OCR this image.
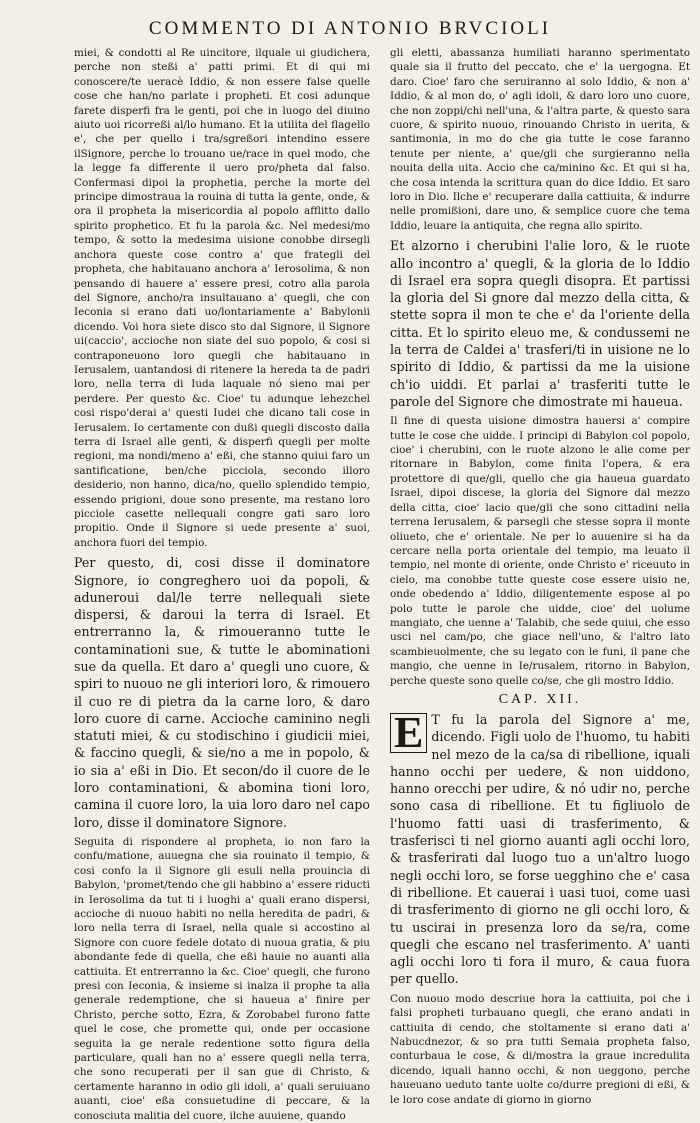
COMMENTO DI ANTONIO BRVCIOLI

miei, & condotti al Re uincitore, ilquale ui giudichera, perche non steßi a' patti primi. Et di qui mi conoscere/te ueracè Iddio, & non essere false quelle cose che han/no parlate i propheti. Et cosi adunque farete disperfi fra le genti, poi che in luogo del diuino aiuto uoi ricorreßi al/lo humano. Et la utilita del flagello e', che per quello i tra/sgreßori intendino essere ilSignore, perche lo trouano ue/race in quel modo, che la legge fa differente il uero pro/pheta dal falso. Confermasi dipoi la prophetia, perche la morte del principe dimostraua la rouina di tutta la gente, onde, & ora il propheta la misericordia al popolo afflitto dallo spirito prophetico. Et fu la parola &c. Nel medesi/mo tempo, & sotto la medesima uisione conobbe dirsegli anchora queste cose contro a' que frategli del propheta, che habitauano anchora a' Ierosolima, & non pensando di hauere a' essere presi, cotro alla parola del Signore, ancho/ra insultauano a' quegli, che con Ieconia si erano dati uo/lontariamente a' Babylonii dicendo. Voi hora siete disco sto dal Signore, il Signore ui(caccio', accioche non siate del suo popolo, & cosi si contraponeuono loro quegli che habitauano in Ierusalem, uantandosi di ritenere la hereda ta de padri loro, nella terra di Iuda laquale nó sieno mai per perdere. Per questo &c. Cioe' tu adunque lehezchel cosi rispo'derai a' questi Iudei che dicano tali cose in Ierusalem. Io certamente con dußi quegli discosto dalla terra di Israel alle genti, & disperfi quegli per molte regioni, ma nondi/meno a' eßi, che stanno quiui faro un santificatione, ben/che picciola, secondo illoro desiderio, non hanno, dica/no, quello splendido tempio, essendo prigioni, doue sono presente, ma restano loro picciole casette nellequali congre gati saro loro propitio. Onde il Signore si uede presente a' suoi, anchora fuori del tempio.

Per questo, di, cosi disse il dominatore Signore, io congreghero uoi da popoli, & aduneroui dal/le terre nellequali siete dispersi, & daroui la terra di Israel. Et entrerranno la, & rimoueranno tutte le contaminationi sue, & tutte le abominationi sue da quella. Et daro a' quegli uno cuore, & spiri to nuouo ne gli interiori loro, & rimouero il cuo re di pietra da la carne loro, & daro loro cuore di carne. Accioche caminino negli statuti miei, & cu stodischino i giudicii miei, & faccino quegli, & sie/no a me in popolo, & io sia a' eßi in Dio. Et secon/do il cuore de le loro contaminationi, & abomina tioni loro, camina il cuore loro, la uia loro daro nel capo loro, disse il dominatore Signore.

Seguita di rispondere al propheta, io non faro la confu/matione, auuegna che sia rouinato il tempio, & cosi confo la il Signore gli esuli nella prouincia di Babylon, 'promet/tendo che gli habbino a' essere riducti in Ierosolima da tut ti i luoghi a' quali erano dispersi, accioche di nuouo habiti no nella heredita de padri, & loro nella terra di Israel, nella quale si accostino al Signore con cuore fedele dotato di nuoua gratia, & piu abondante fede di quella, che eßi hauie no auanti alla cattiuita. Et entrerranno la &c. Cioe' quegli, che furono presi con Ieconia, & insieme si inalza il prophe ta alla generale redemptione, che si haueua a' finire per Christo, perche sotto, Ezra, & Zorobabel furono fatte quel le cose, che promette qui, onde per occasione seguita la ge nerale redentione sotto figura della particulare, quali han no a' essere quegli nella terra, che sono recuperati per il san gue di Christo, & certamente haranno in odio gli idoli, a' quali seruiuano auanti, cioe' eßa consuetudine di peccare, & la conosciuta malitia del cuore, ilche auuiene, quando

gli eletti, abassanza humiliati haranno sperimentato quale sia il frutto del peccato, che e' la uergogna. Et daro. Cioe' faro che seruiranno al solo Iddio, & non a' Iddio, & al mon do, o' agli idoli, & daro loro uno cuore, che non zoppi/chi nell'una, & l'altra parte, & questo sara cuore, & spirito nuouo, rinouando Christo in uerita, & santimonia, in mo do che gia tutte le cose faranno tenute per niente, a' que/gli che surgieranno nella nouita della uita. Accio che ca/minino &c. Et qui si ha, che cosa intenda la scrittura quan do dice Iddio. Et saro loro in Dio. Ilche e' recuperare dalla cattiuita, & indurre nelle promißioni, dare uno, & semplice cuore che tema Iddio, leuare la antiquita, che regna allo spirito.

Et alzorno i cherubini l'alie loro, & le ruote allo incontro a' quegli, & la gloria de lo Iddio di Israel era sopra quegli disopra. Et partissi la gloria del Si gnore dal mezzo della citta, & stette sopra il mon te che e' da l'oriente della citta. Et lo spirito eleuo me, & condussemi ne la terra de Caldei a' trasferi/ti in uisione ne lo spirito di Iddio, & partissi da me la uisione ch'io uiddi. Et parlai a' trasferiti tutte le parole del Signore che dimostrate mi haueua.

Il fine di questa uisione dimostra hauersi a' compire tutte le cose che uidde. I principi di Babylon col popolo, cioe' i cherubini, con le ruote alzono le alie come per ritornare in Babylon, come finita l'opera, & era protettore di que/gli, quello che gia haueua guardato Israel, dipoi discese, la gloria del Signore dal mezzo della citta, cioe' lacio que/gli che sono cittadini nella terrena Ierusalem, & parsegli che stesse sopra il monte oliueto, che e' orientale. Ne per lo auuenire si ha da cercare nella porta orientale del tempio, ma leuato il tempio, nel monte di oriente, onde Christo e' riceuuto in cielo, ma conobbe tutte queste cose essere uisio ne, onde obedendo a' Iddio, diligentemente espose al po polo tutte le parole che uidde, cioe' del uolume mangiato, che uenne a' Talabib, che sede quiui, che esso usci nel cam/po, che giace nell'uno, & l'altro lato scambieuolmente, che su legato con le funi, il pane che mangio, che uenne in Ie/rusalem, ritorno in Babylon, perche queste sono quelle co/se, che gli mostro Iddio.

CAP. XII.
E T fu la parola del Signore a' me, dicendo. Figli uolo de l'huomo, tu habiti nel mezo de la ca/sa di ribellione, iquali hanno occhi per uedere, & non uiddono, hanno orecchi per udire, & nó udir no, perche sono casa di ribellione. Et tu figliuolo de l'huomo fatti uasi di trasferimento, & trasferisci ti nel giorno auanti agli occhi loro, & trasferirati dal luogo tuo a un'altro luogo negli occhi loro, se forse uegghino che e' casa di ribellione. Et cauerai i uasi tuoi, come uasi di trasferimento di giorno ne gli occhi loro, & tu uscirai in presenza loro da se/ra, come quegli che escano nel trasferimento. A' uanti agli occhi loro ti fora il muro, & caua fuora per quello.

Con nuouo modo descriue hora la cattiuita, poi che i falsi propheti turbauano quegli, che erano andati in cattiuita di cendo, che stoltamente si erano dati a' Nabucdnezor, & so pra tutti Semaia propheta falso, conturbaua le cose, & di/mostra la graue incredulita dicendo, iquali hanno occhi, & non ueggono, perche haueuano ueduto tante uolte co/durre pregioni di eßi, & le loro cose andate di giorno in giorno
